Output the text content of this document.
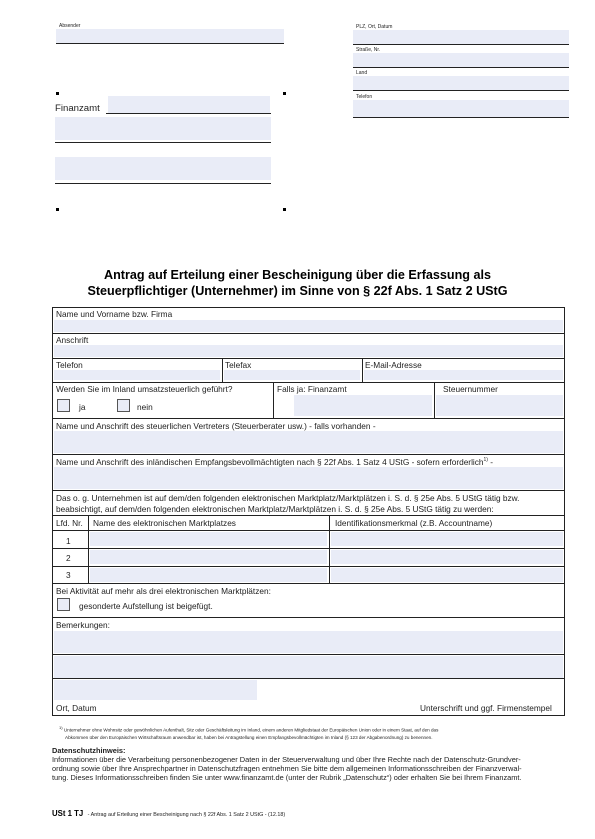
Absender	PLZ, Ort, Datum
Straße, Nr.
Land
Telefon
Finanzamt
Antrag auf Erteilung einer Bescheinigung über die Erfassung als
Steuerpflichtiger (Unternehmer) im Sinne von § 22f Abs. 1 Satz 2 UStG
Name und Vorname bzw. Firma
Anschrift
Telefon	Telefax	E-Mail-Adresse
Werden Sie im Inland umsatzsteuerlich geführt?
ja	nein
Falls ja: Finanzamt	Steuernummer
Name und Anschrift des steuerlichen Vertreters (Steuerberater usw.) - falls vorhanden -
Name und Anschrift des inländischen Empfangsbevollmächtigten nach § 22f Abs. 1 Satz 4 UStG - sofern erforderlich$^{1)}$ -
Das o. g. Unternehmen ist auf dem/den folgenden elektronischen Marktplatz/Marktplätzen i. S. d. § 25e Abs. 5 UStG tätig bzw.
beabsichtigt, auf dem/den folgenden elektronischen Marktplatz/Marktplätzen i. S. d. § 25e Abs. 5 UStG tätig zu werden:
Lfd. Nr. Name des elektronischen Marktplatzes	Identifikationsmerkmal (z.B. Accountname)
1
2
3
Bei Aktivität auf mehr als drei elektronischen Marktplätzen:
gesonderte Aufstellung ist beigefügt.
Bemerkungen:
Ort, Datum	Unterschrift und ggf. Firmenstempel
$^{1)}$ Unternehmer ohne Wohnsitz oder gewöhnlichen Aufenthalt, Sitz oder Geschäftsleitung im Inland, einem anderen Mitgliedstaat der Europäischen Union oder in einem Staat, auf den das
Abkommen über den Europäischen Wirtschaftsraum anwendbar ist, haben bei Antragstellung einen Empfangsbevollmächtigten im Inland (§ 123 der Abgabenordnung) zu benennen.
Datenschutzhinweis:
Informationen über die Verarbeitung personenbezogener Daten in der Steuerverwaltung und über Ihre Rechte nach der Datenschutz-Grundver-
ordnung sowie über Ihre Ansprechpartner in Datenschutzfragen entnehmen Sie bitte dem allgemeinen Informationsschreiben der Finanzverwal-
tung. Dieses Informationsschreiben finden Sie unter www.finanzamt.de (unter der Rubrik „Datenschutz“) oder erhalten Sie bei Ihrem Finanzamt.
USt 1 TJ - Antrag auf Erteilung einer Bescheinigung nach § 22f Abs. 1 Satz 2 UStG - (12.18)
